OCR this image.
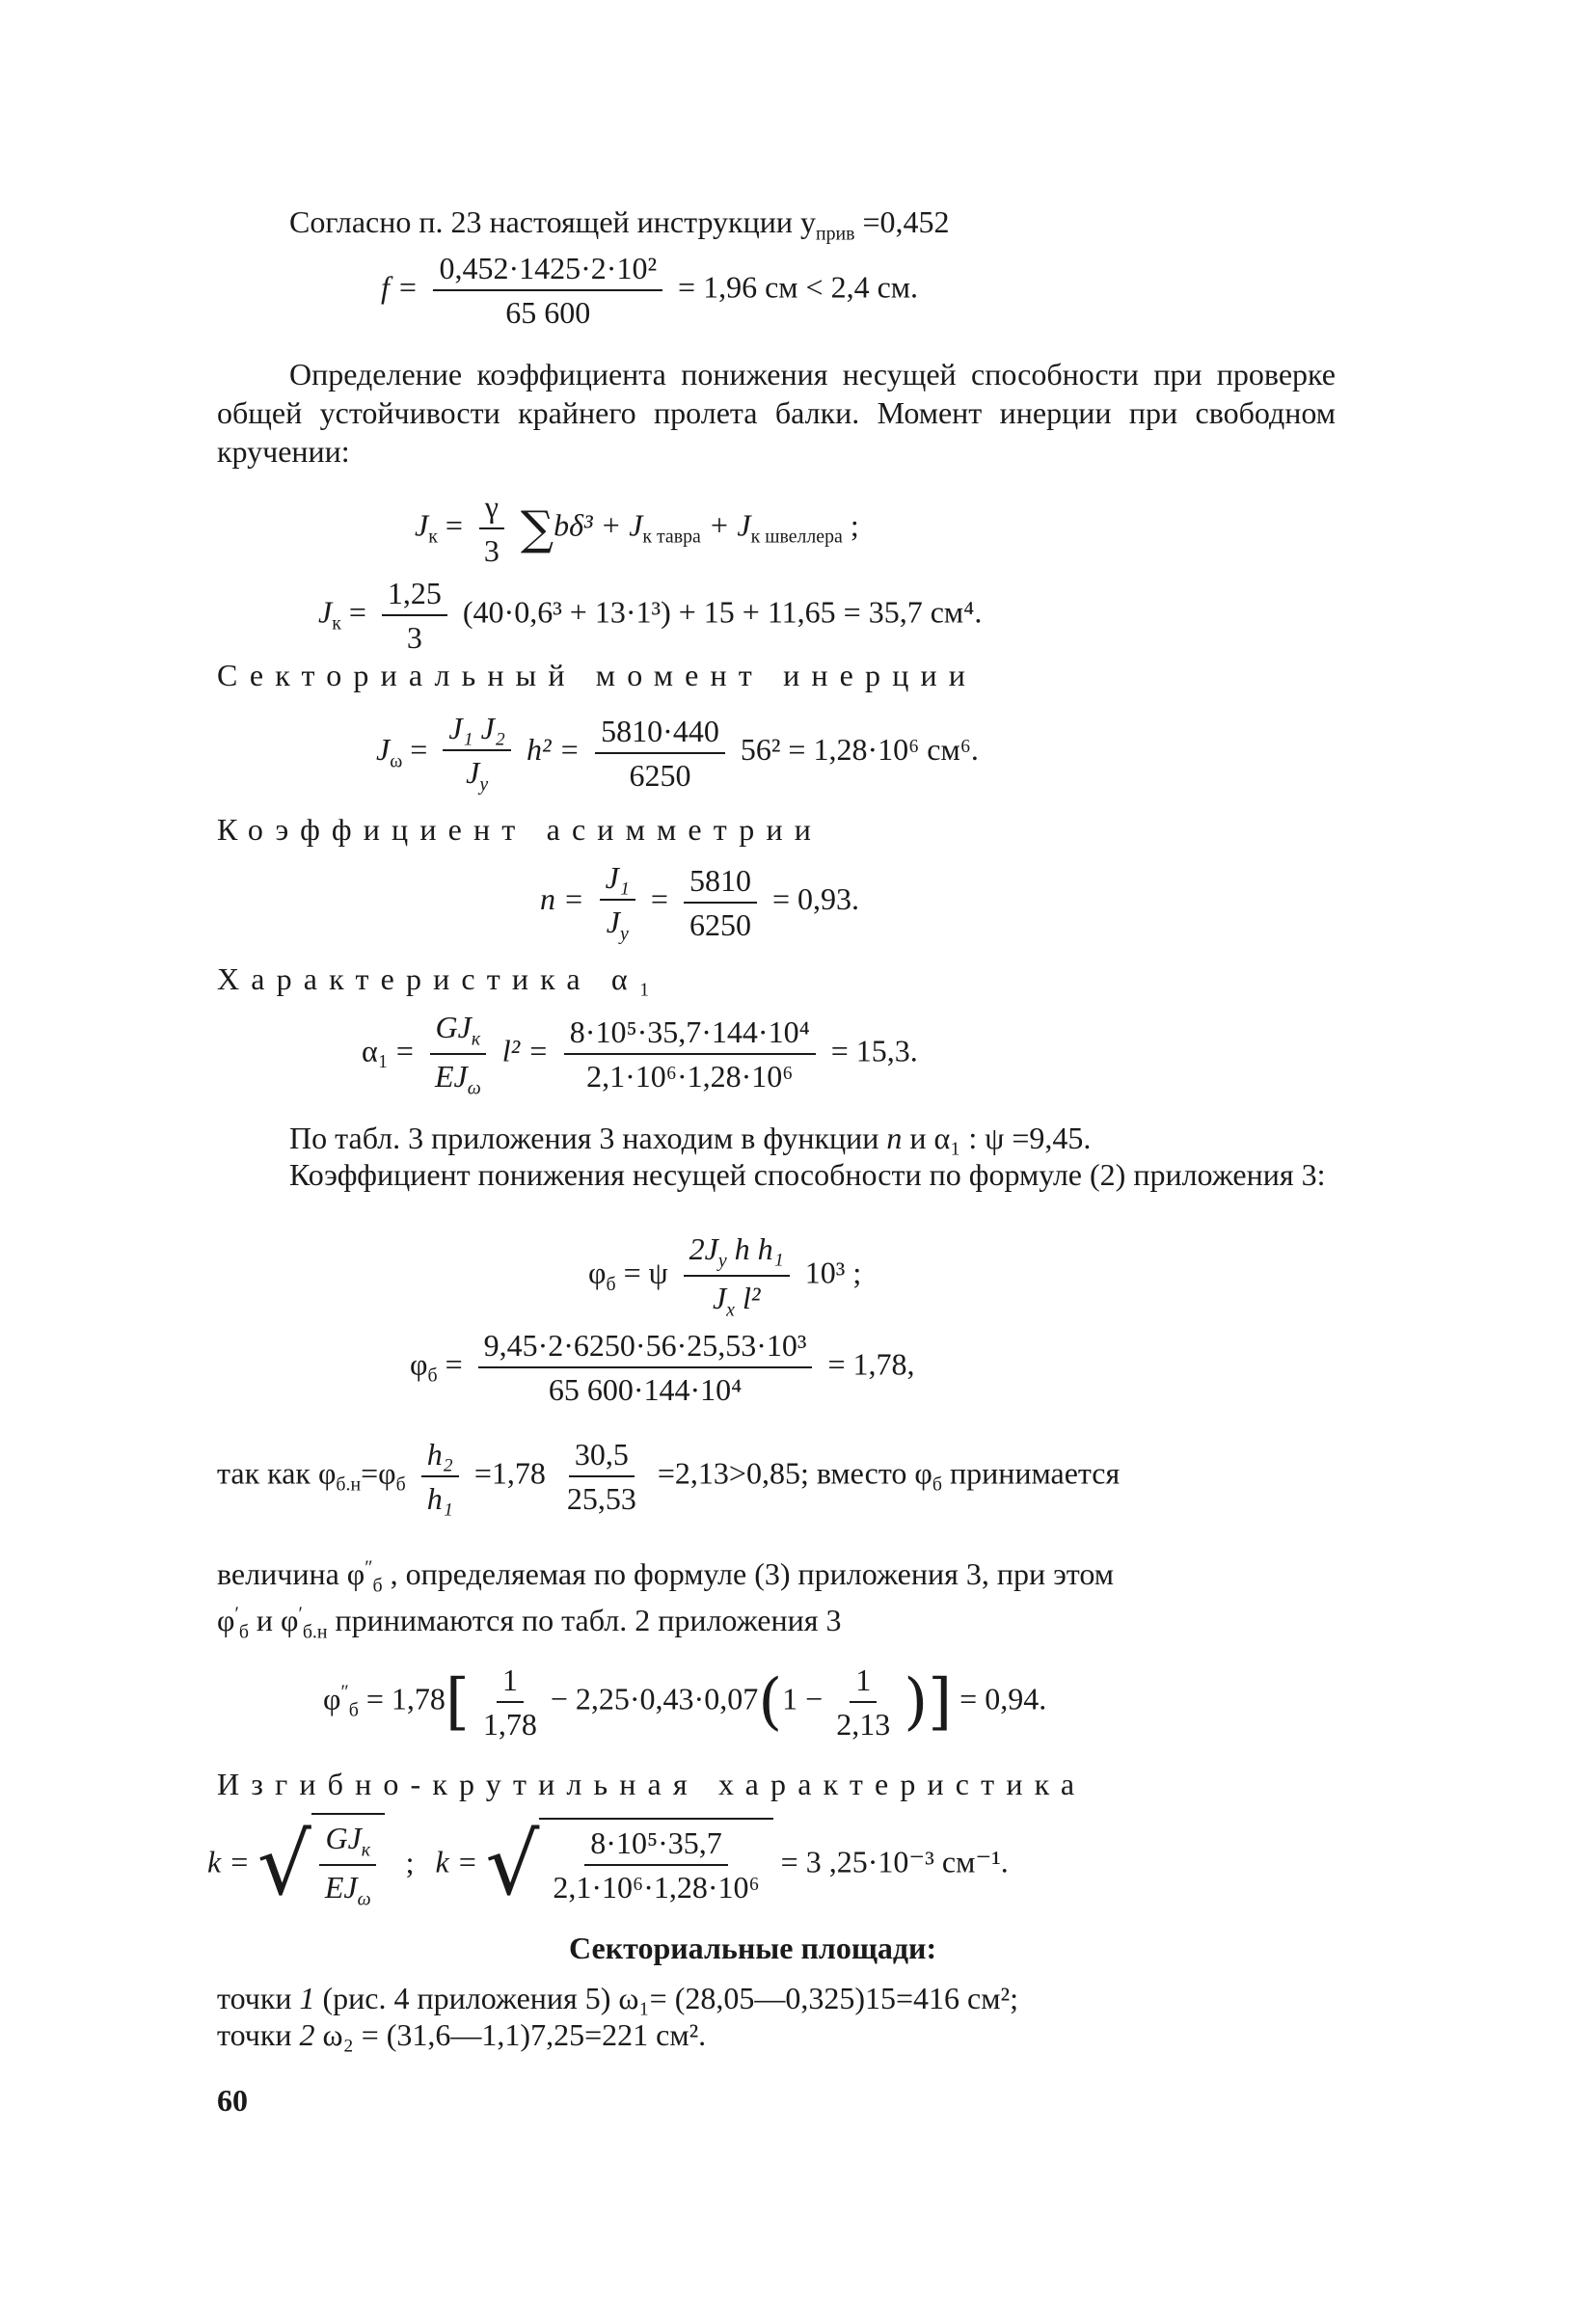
Согласно п. 23 настоящей инструкции $y_{прив} =0,452$
$f = \frac{\text{0,452·1425·2·10²}}{65 600} = 1,96$ см < 2,4 см.
Определение коэффициента понижения несущей способности при проверке общей устойчивости крайнего пролета балки. Момент инерции при свободном кручении:
$J_к = \frac{\gamma}{3} \sum b\delta^3 + J_{к тавра} + J_{к швеллера}$ ;
$J_к = \frac{1,25}{3} (40\cdot 0,6^3 + 13\cdot 1^3) + 15 + 11,65 = 35,7$ см⁴.
Секториальный момент инерции
$J_\omega = \frac{\text{J₁ J₂}}{J_y} h^2 = \frac{5810\cdot 440}{6250} 56^2 = 1,28\cdot 10^6$ см⁶.
Коэффициент асимметрии
$n = \frac{\text{J₁}}{J_y} = \frac{5810}{6250} = 0,93$.
Характеристика α₁
$\alpha_1 = \frac{GJ_к}{EJ_\omega} l^2 = \frac{\text{8·10⁵·35,7·144·10⁴}}{\text{2,1·10⁶·1,28·10⁶}} = 15,3$.
По табл. 3 приложения 3 находим в функции n и α₁ : ψ =9,45.
Коэффициент понижения несущей способности по формуле (2) приложения 3:
$\varphi_б = \psi \frac{2J_y h h_1}{J_x l^2} 10^3$ ;
$\varphi_б = \frac{\text{9,45·2·6250·56·25,53·10³}}{\text{65 600·144·10⁴}} = 1,78$,
так как $\varphi_{б.н}=\varphi_б \frac{\text{h₂}}{\text{h₁}} =1,78 \frac{30,5}{25,53} =2,13>0,85$; вместо $\varphi_б$ принимается
величина $\varphi''_б$ , определяемая по формуле (3) приложения 3, при этом
$\varphi'_б$ и $\varphi'_{б.н}$ принимаются по табл. 2 приложения 3
$\varphi''_б = 1,78[ \frac{1}{1,78} - 2,25\cdot 0,43\cdot 0,07(1 - \frac{1}{2,13}$ )] = 0,94.
Изгибно-крутильная характеристика
k = √ $\frac{GJ_к}{EJ_\omega}$ ; k = √ $\frac{\text{8·10⁵·35,7}}{\text{2,1·10⁶·1,28·10⁶}} = 3$ ,25·10⁻³ см⁻¹.
Секториальные площади:
точки 1 (рис. 4 приложения 5) ω₁= (28,05—0,325)15=416 см²;
точки 2 ω₂ = (31,6—1,1)7,25=221 см².
60
